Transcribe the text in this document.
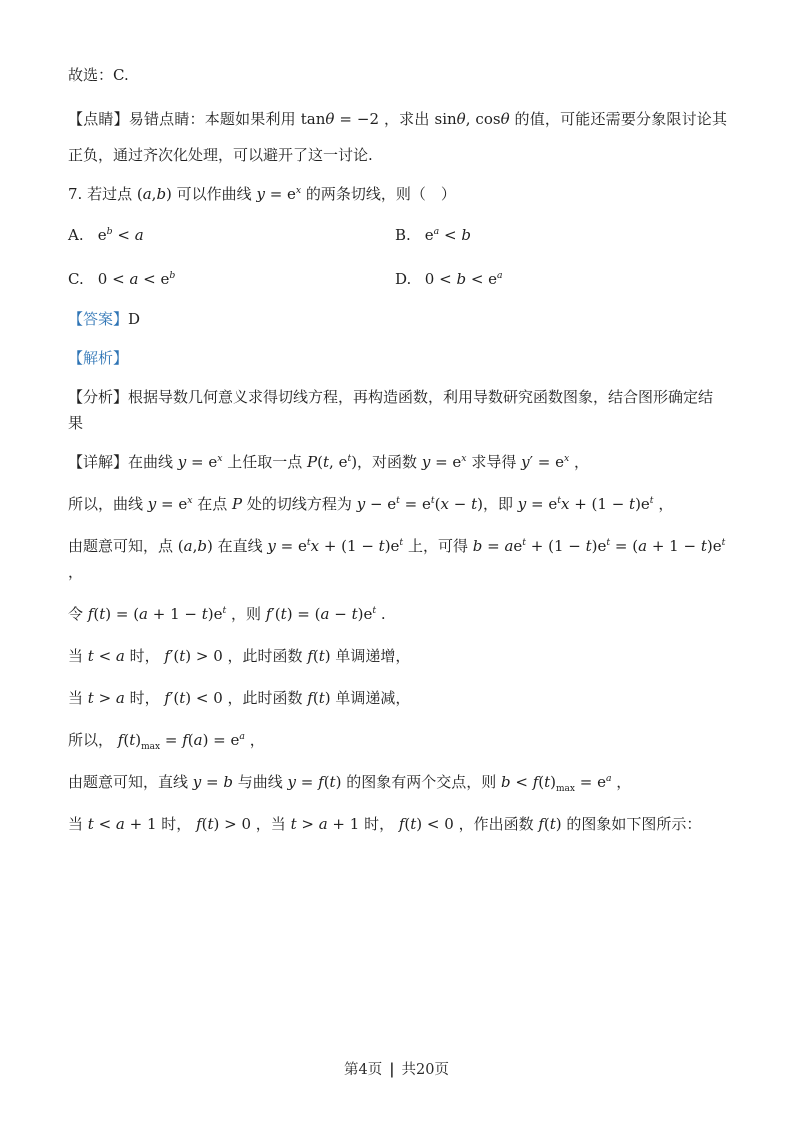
故选：C.

【点睛】易错点睛：本题如果利用 tanθ = −2 ，求出 sinθ, cosθ 的值，可能还需要分象限讨论其正负，通过齐次化处理，可以避开了这一讨论.

7. 若过点 (a,b) 可以作曲线 $y = e^x$ 的两条切线，则（　）

A. $e^b < a$	B. $e^a < b$
C. $0 < a < e^b$	D. $0 < b < e^a$

【答案】D

【解析】

【分析】根据导数几何意义求得切线方程，再构造函数，利用导数研究函数图象，结合图形确定结果

【详解】在曲线 $y = e^x$ 上任取一点 P(t, $e^t$)，对函数 $y = e^x$ 求导得 $y' = e^x$ ，

所以，曲线 $y = e^x$ 在点 P 处的切线方程为 $y - e^t = e^t(x - t)$，即 $y = e^tx + (1 - t)e^t$ ，

由题意可知，点 (a,b) 在直线 $y = e^tx + (1 - t)e^t$ 上，可得 $b = ae^t + (1 - t)e^t = (a + 1 - t)e^t$ ，

令 $f(t) = (a + 1 - t)e^t$ ，则 $f'(t) = (a - t)e^t$ .

当 t < a 时， f′(t) > 0 ，此时函数 f(t) 单调递增，

当 t > a 时， f′(t) < 0 ，此时函数 f(t) 单调递减，

所以， $f(t)_{max} = f(a) = e^a$ ，

由题意可知，直线 y = b 与曲线 y = f(t) 的图象有两个交点，则 $b < f(t)_{max} = e^a$ ，

当 t < a + 1 时， f(t) > 0 ，当 t > a + 1 时， f(t) < 0 ，作出函数 f(t) 的图象如下图所示：

第4页 | 共20页
